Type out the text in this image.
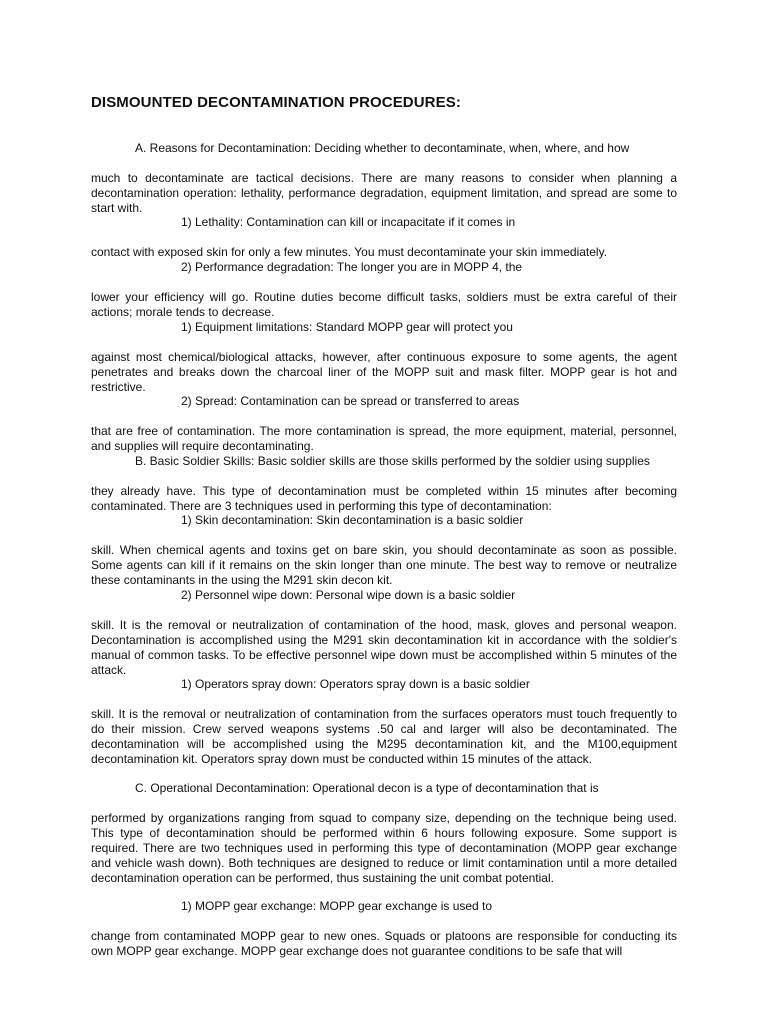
DISMOUNTED DECONTAMINATION PROCEDURES:

A. Reasons for Decontamination: Deciding whether to decontaminate, when, where, and how

much to decontaminate are tactical decisions. There are many reasons to consider when planning a decontamination operation: lethality, performance degradation, equipment limitation, and spread are some to start with.

1) Lethality: Contamination can kill or incapacitate if it comes in

contact with exposed skin for only a few minutes. You must decontaminate your skin immediately.

2) Performance degradation: The longer you are in MOPP 4, the

lower your efficiency will go. Routine duties become difficult tasks, soldiers must be extra careful of their actions; morale tends to decrease.

1) Equipment limitations: Standard MOPP gear will protect you

against most chemical/biological attacks, however, after continuous exposure to some agents, the agent penetrates and breaks down the charcoal liner of the MOPP suit and mask filter. MOPP gear is hot and restrictive.

2) Spread: Contamination can be spread or transferred to areas

that are free of contamination. The more contamination is spread, the more equipment, material, personnel, and supplies will require decontaminating.

B. Basic Soldier Skills: Basic soldier skills are those skills performed by the soldier using supplies

they already have. This type of decontamination must be completed within 15 minutes after becoming contaminated. There are 3 techniques used in performing this type of decontamination:

1) Skin decontamination: Skin decontamination is a basic soldier

skill. When chemical agents and toxins get on bare skin, you should decontaminate as soon as possible. Some agents can kill if it remains on the skin longer than one minute. The best way to remove or neutralize these contaminants in the using the M291 skin decon kit.

2) Personnel wipe down: Personal wipe down is a basic soldier

skill. It is the removal or neutralization of contamination of the hood, mask, gloves and personal weapon. Decontamination is accomplished using the M291 skin decontamination kit in accordance with the soldier's manual of common tasks. To be effective personnel wipe down must be accomplished within 5 minutes of the attack.

1) Operators spray down: Operators spray down is a basic soldier

skill. It is the removal or neutralization of contamination from the surfaces operators must touch frequently to do their mission. Crew served weapons systems .50 cal and larger will also be decontaminated. The decontamination will be accomplished using the M295 decontamination kit, and the M100,equipment decontamination kit. Operators spray down must be conducted within 15 minutes of the attack.

C. Operational Decontamination: Operational decon is a type of decontamination that is

performed by organizations ranging from squad to company size, depending on the technique being used. This type of decontamination should be performed within 6 hours following exposure. Some support is required. There are two techniques used in performing this type of decontamination (MOPP gear exchange and vehicle wash down). Both techniques are designed to reduce or limit contamination until a more detailed decontamination operation can be performed, thus sustaining the unit combat potential.

1) MOPP gear exchange: MOPP gear exchange is used to

change from contaminated MOPP gear to new ones. Squads or platoons are responsible for conducting its own MOPP gear exchange. MOPP gear exchange does not guarantee conditions to be safe that will
